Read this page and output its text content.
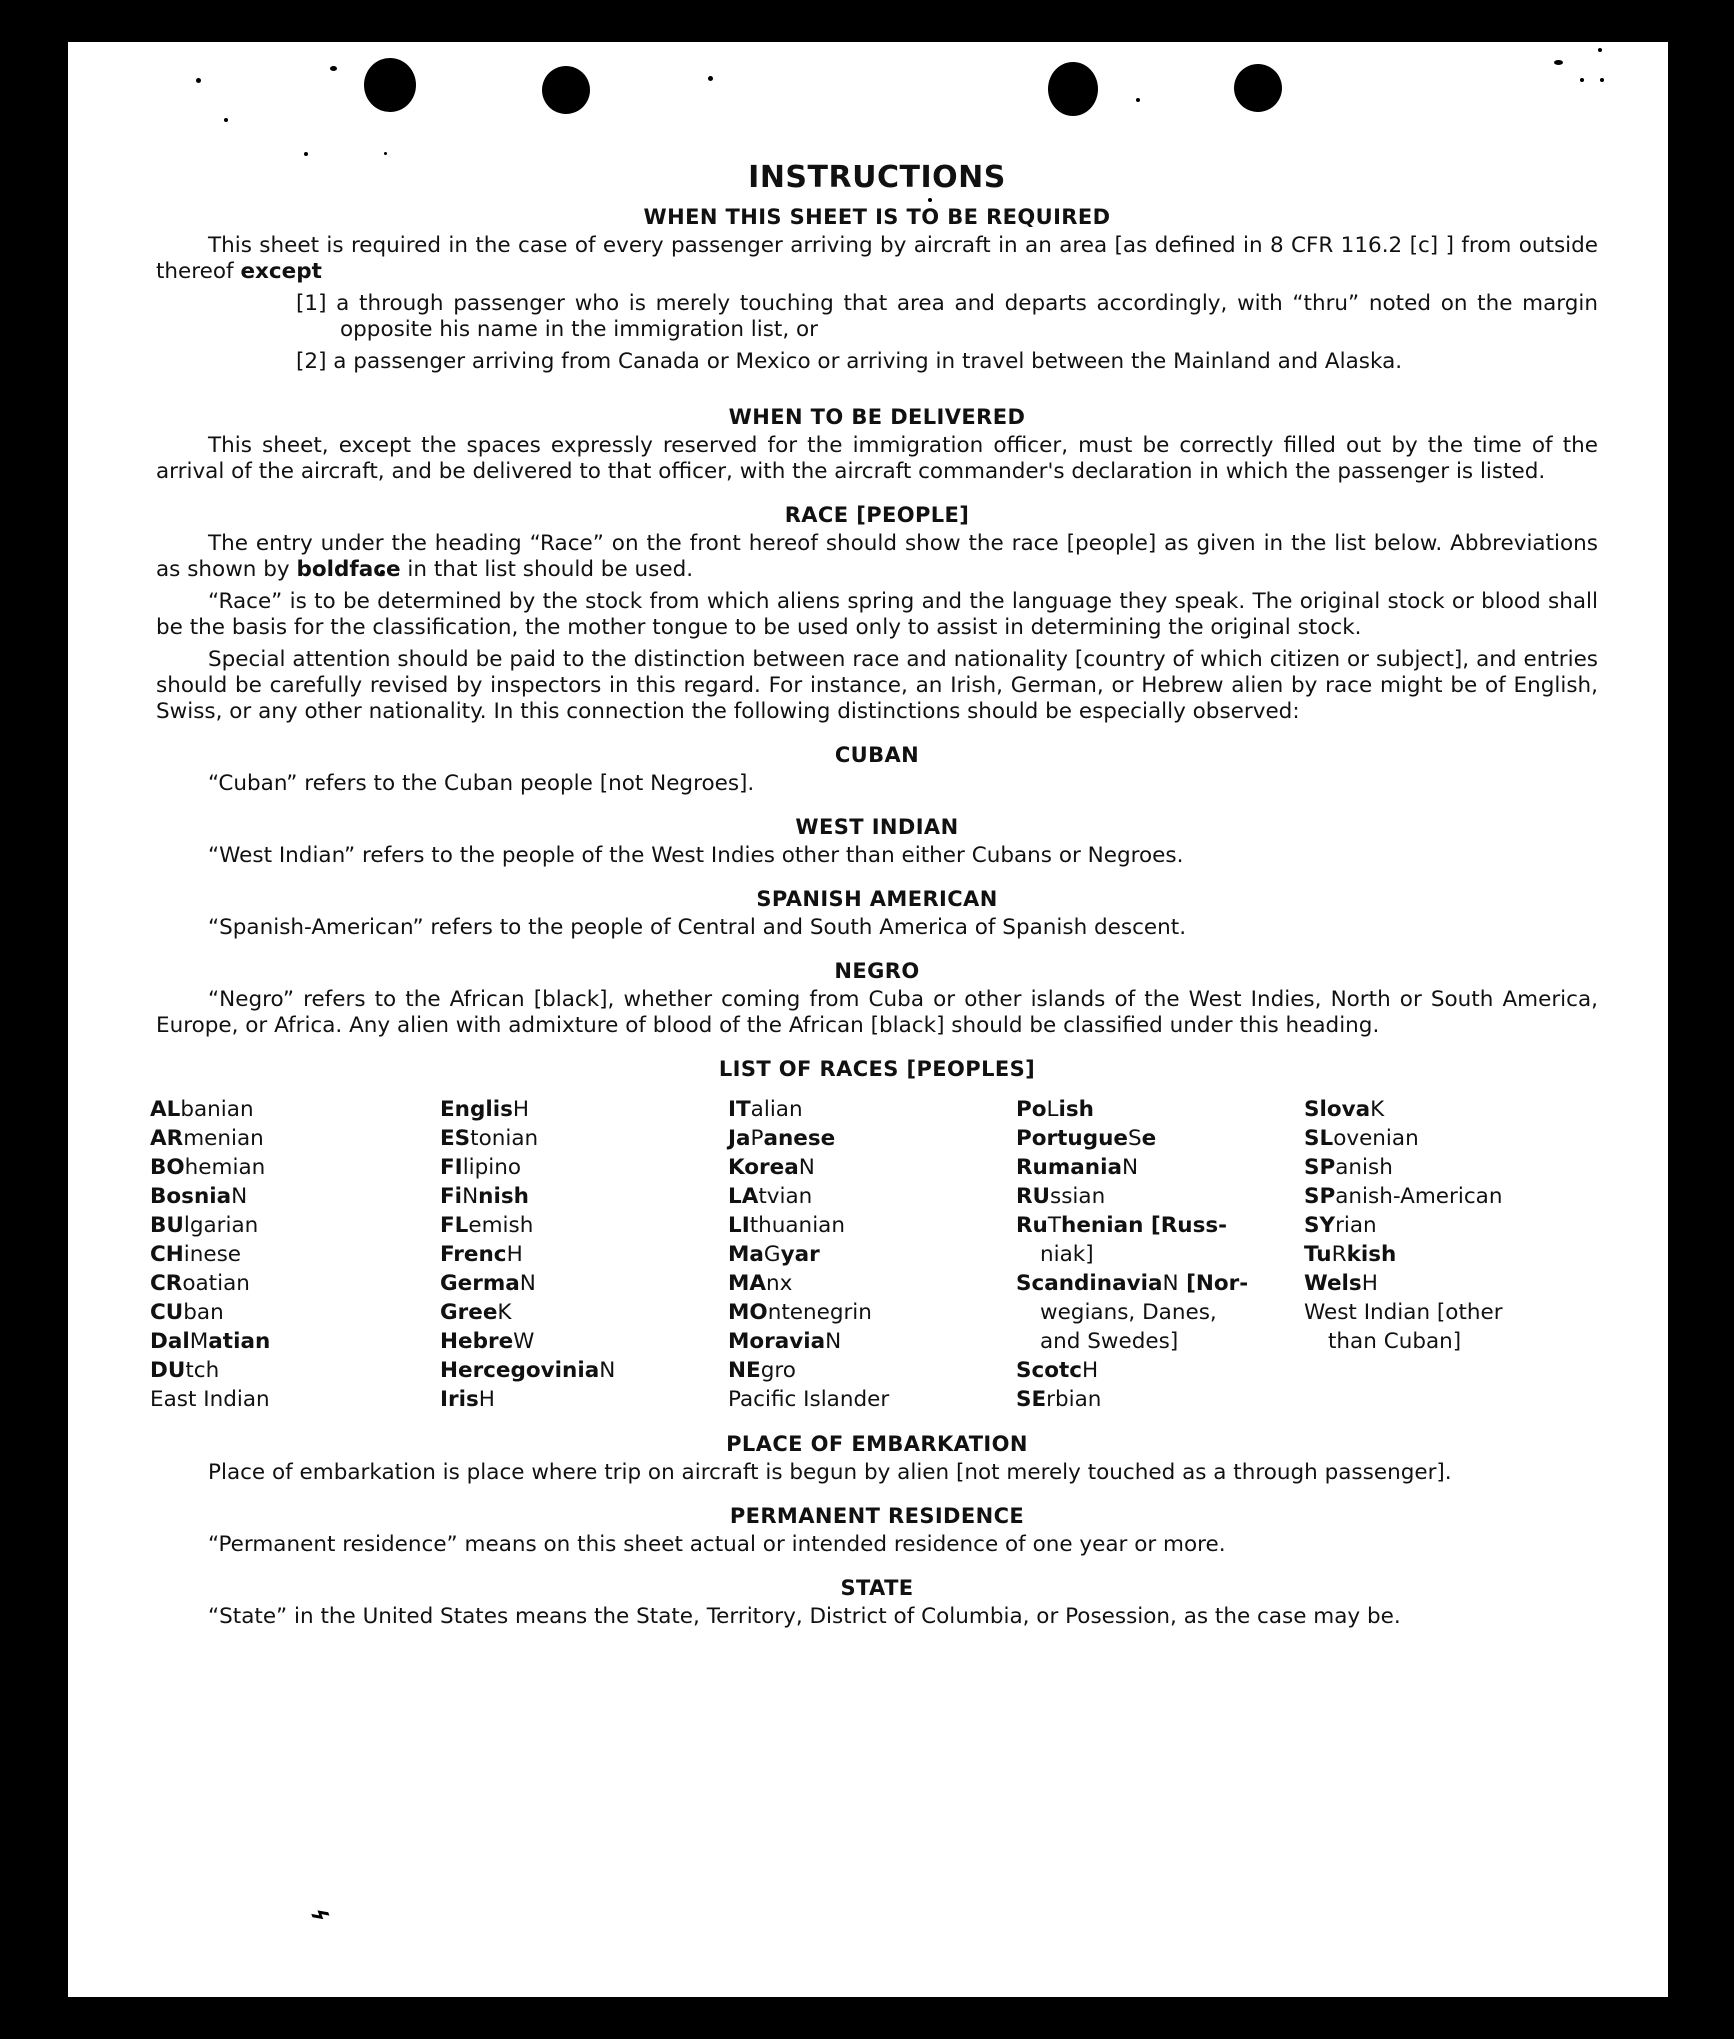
INSTRUCTIONS
WHEN THIS SHEET IS TO BE REQUIRED

This sheet is required in the case of every passenger arriving by aircraft in an area [as defined in 8 CFR 116.2 [c] ] from outside thereof except

[1] a through passenger who is merely touching that area and departs accordingly, with “thru” noted on the margin opposite his name in the immigration list, or

[2] a passenger arriving from Canada or Mexico or arriving in travel between the Mainland and Alaska.

WHEN TO BE DELIVERED

This sheet, except the spaces expressly reserved for the immigration officer, must be correctly filled out by the time of the arrival of the aircraft, and be delivered to that officer, with the aircraft commander's declaration in which the passenger is listed.

RACE [PEOPLE]

The entry under the heading “Race” on the front hereof should show the race [people] as given in the list below. Abbreviations as shown by boldface in that list should be used.

“Race” is to be determined by the stock from which aliens spring and the language they speak. The original stock or blood shall be the basis for the classification, the mother tongue to be used only to assist in determining the original stock.

Special attention should be paid to the distinction between race and nationality [country of which citizen or subject], and entries should be carefully revised by inspectors in this regard. For instance, an Irish, German, or Hebrew alien by race might be of English, Swiss, or any other nationality. In this connection the following distinctions should be especially observed:

CUBAN

“Cuban” refers to the Cuban people [not Negroes].

WEST INDIAN

“West Indian” refers to the people of the West Indies other than either Cubans or Negroes.

SPANISH AMERICAN

“Spanish-American” refers to the people of Central and South America of Spanish descent.

NEGRO

“Negro” refers to the African [black], whether coming from Cuba or other islands of the West Indies, North or South America, Europe, or Africa. Any alien with admixture of blood of the African [black] should be classified under this heading.

LIST OF RACES [PEOPLES]
ALbanian
ARmenian
BOhemian
BosniaN
BUlgarian
CHinese
CRoatian
CUban
DalMatian
DUtch
East Indian
EnglisH
EStonian
FIlipino
FiNnish
FLemish
FrencH
GermaN
GreeK
HebreW
HercegoviniaN
IrisH
ITalian
JaPanese
KoreaN
LAtvian
LIthuanian
MaGyar
MAnx
MOntenegrin
MoraviaN
NEgro
Pacific Islander
PoLish
PortugueSe
RumaniaN
RUssian
RuThenian [Russ-
niak]
ScandinaviaN [Nor-
wegians, Danes,
and Swedes]
ScotcH
SErbian
SlovaK
SLovenian
SPanish
SPanish-American
SYrian
TuRkish
WelsH
West Indian [other
than Cuban]
PLACE OF EMBARKATION

Place of embarkation is place where trip on aircraft is begun by alien [not merely touched as a through passenger].

PERMANENT RESIDENCE

“Permanent residence” means on this sheet actual or intended residence of one year or more.

STATE

“State” in the United States means the State, Territory, District of Columbia, or Posession, as the case may be.

⌁
